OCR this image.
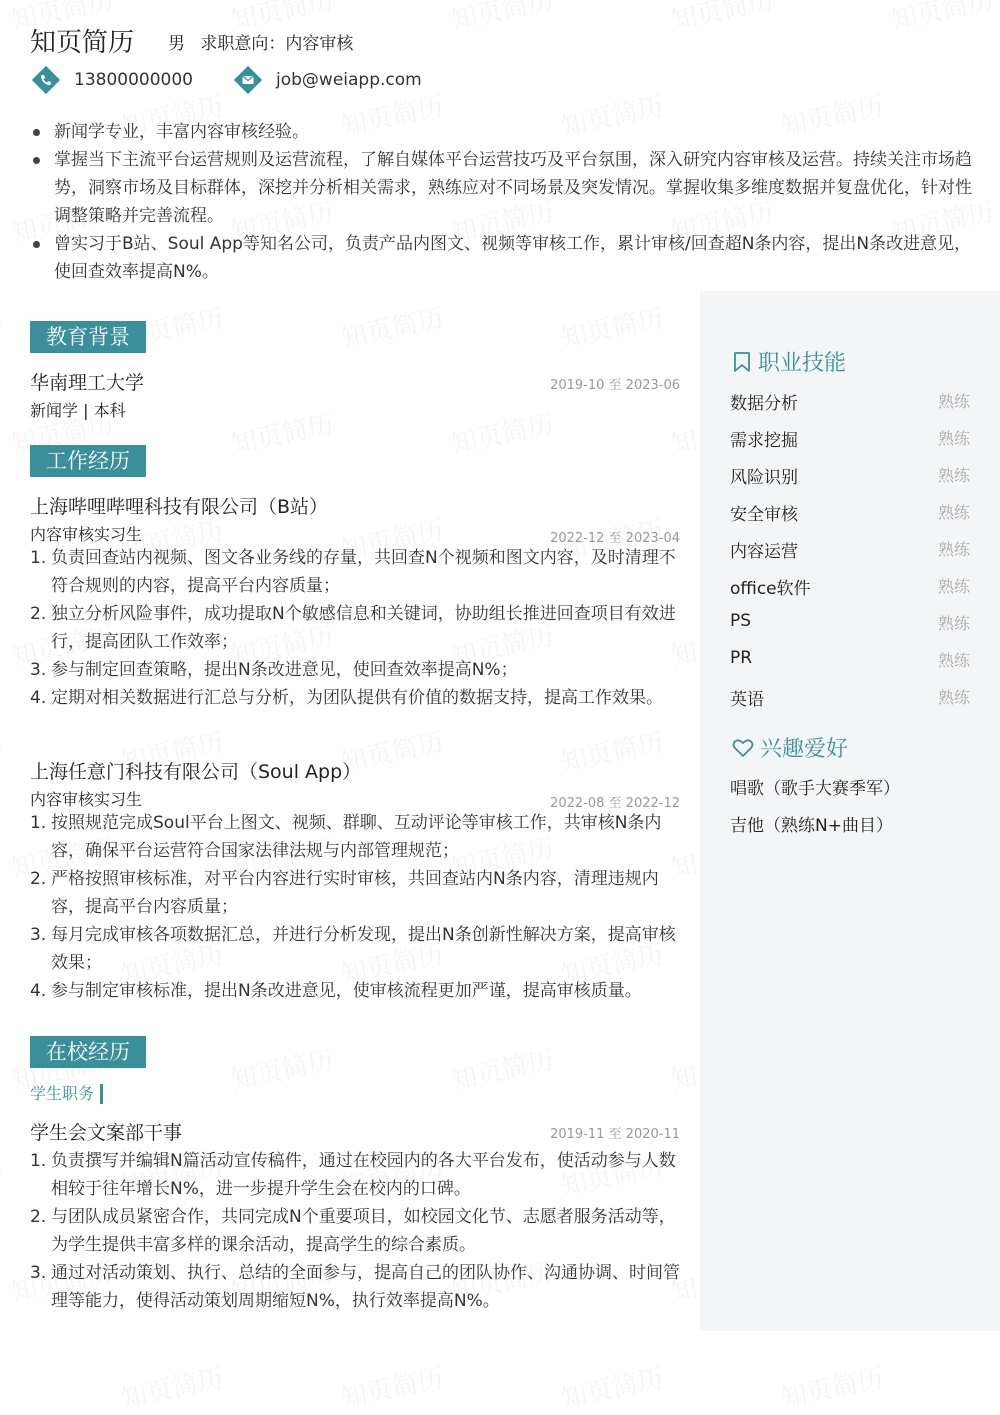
知页简历 男 求职意向：内容审核
13800000000	job@weiapp.com
新闻学专业，丰富内容审核经验。
掌握当下主流平台运营规则及运营流程，了解自媒体平台运营技巧及平台氛围，深入研究内容审核及运营。持续关注市场趋势，洞察市场及目标群体，深挖并分析相关需求，熟练应对不同场景及突发情况。掌握收集多维度数据并复盘优化，针对性调整策略并完善流程。
曾实习于B站、Soul App等知名公司，负责产品内图文、视频等审核工作，累计审核/回查超N条内容，提出N条改进意见，使回查效率提高N%。
职业技能
数据分析	熟练
需求挖掘	熟练
风险识别	熟练
安全审核	熟练
内容运营	熟练
office软件	熟练
PS	熟练
PR	熟练
英语	熟练
兴趣爱好
唱歌（歌手大赛季军）
吉他（熟练N+曲目）
教育背景
华南理工大学	2019-10 至 2023-06
新闻学 | 本科
工作经历
上海哔哩哔哩科技有限公司（B站）
内容审核实习生	2022-12 至 2023-04
1. 负责回查站内视频、图文各业务线的存量，共回查N个视频和图文内容，及时清理不符合规则的内容，提高平台内容质量；
2. 独立分析风险事件，成功提取N个敏感信息和关键词，协助组长推进回查项目有效进行，提高团队工作效率；
3. 参与制定回查策略，提出N条改进意见，使回查效率提高N%；
4. 定期对相关数据进行汇总与分析，为团队提供有价值的数据支持，提高工作效果。
上海任意门科技有限公司（Soul App）
内容审核实习生	2022-08 至 2022-12
1. 按照规范完成Soul平台上图文、视频、群聊、互动评论等审核工作，共审核N条内容，确保平台运营符合国家法律法规与内部管理规范；
2. 严格按照审核标准，对平台内容进行实时审核，共回查站内N条内容，清理违规内容，提高平台内容质量；
3. 每月完成审核各项数据汇总，并进行分析发现，提出N条创新性解决方案，提高审核效果；
4. 参与制定审核标准，提出N条改进意见，使审核流程更加严谨，提高审核质量。
在校经历
学生职务
学生会文案部干事	2019-11 至 2020-11
1. 负责撰写并编辑N篇活动宣传稿件，通过在校园内的各大平台发布，使活动参与人数相较于往年增长N%，进一步提升学生会在校内的口碑。
2. 与团队成员紧密合作，共同完成N个重要项目，如校园文化节、志愿者服务活动等，为学生提供丰富多样的课余活动，提高学生的综合素质。
3. 通过对活动策划、执行、总结的全面参与，提高自己的团队协作、沟通协调、时间管理等能力，使得活动策划周期缩短N%，执行效率提高N%。
